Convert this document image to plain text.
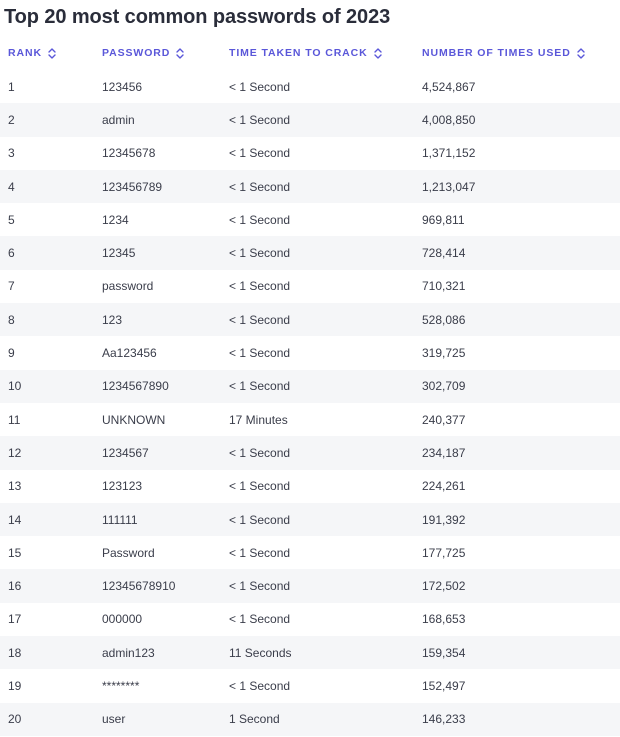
Top 20 most common passwords of 2023
RANK	PASSWORD	TIME TAKEN TO CRACK	NUMBER OF TIMES USED
1	123456	< 1 Second	4,524,867
2	admin	< 1 Second	4,008,850
3	12345678	< 1 Second	1,371,152
4	123456789	< 1 Second	1,213,047
5	1234	< 1 Second	969,811
6	12345	< 1 Second	728,414
7	password	< 1 Second	710,321
8	123	< 1 Second	528,086
9	Aa123456	< 1 Second	319,725
10	1234567890	< 1 Second	302,709
11	UNKNOWN	17 Minutes	240,377
12	1234567	< 1 Second	234,187
13	123123	< 1 Second	224,261
14	111111	< 1 Second	191,392
15	Password	< 1 Second	177,725
16	12345678910	< 1 Second	172,502
17	000000	< 1 Second	168,653
18	admin123	11 Seconds	159,354
19	********	< 1 Second	152,497
20	user	1 Second	146,233
